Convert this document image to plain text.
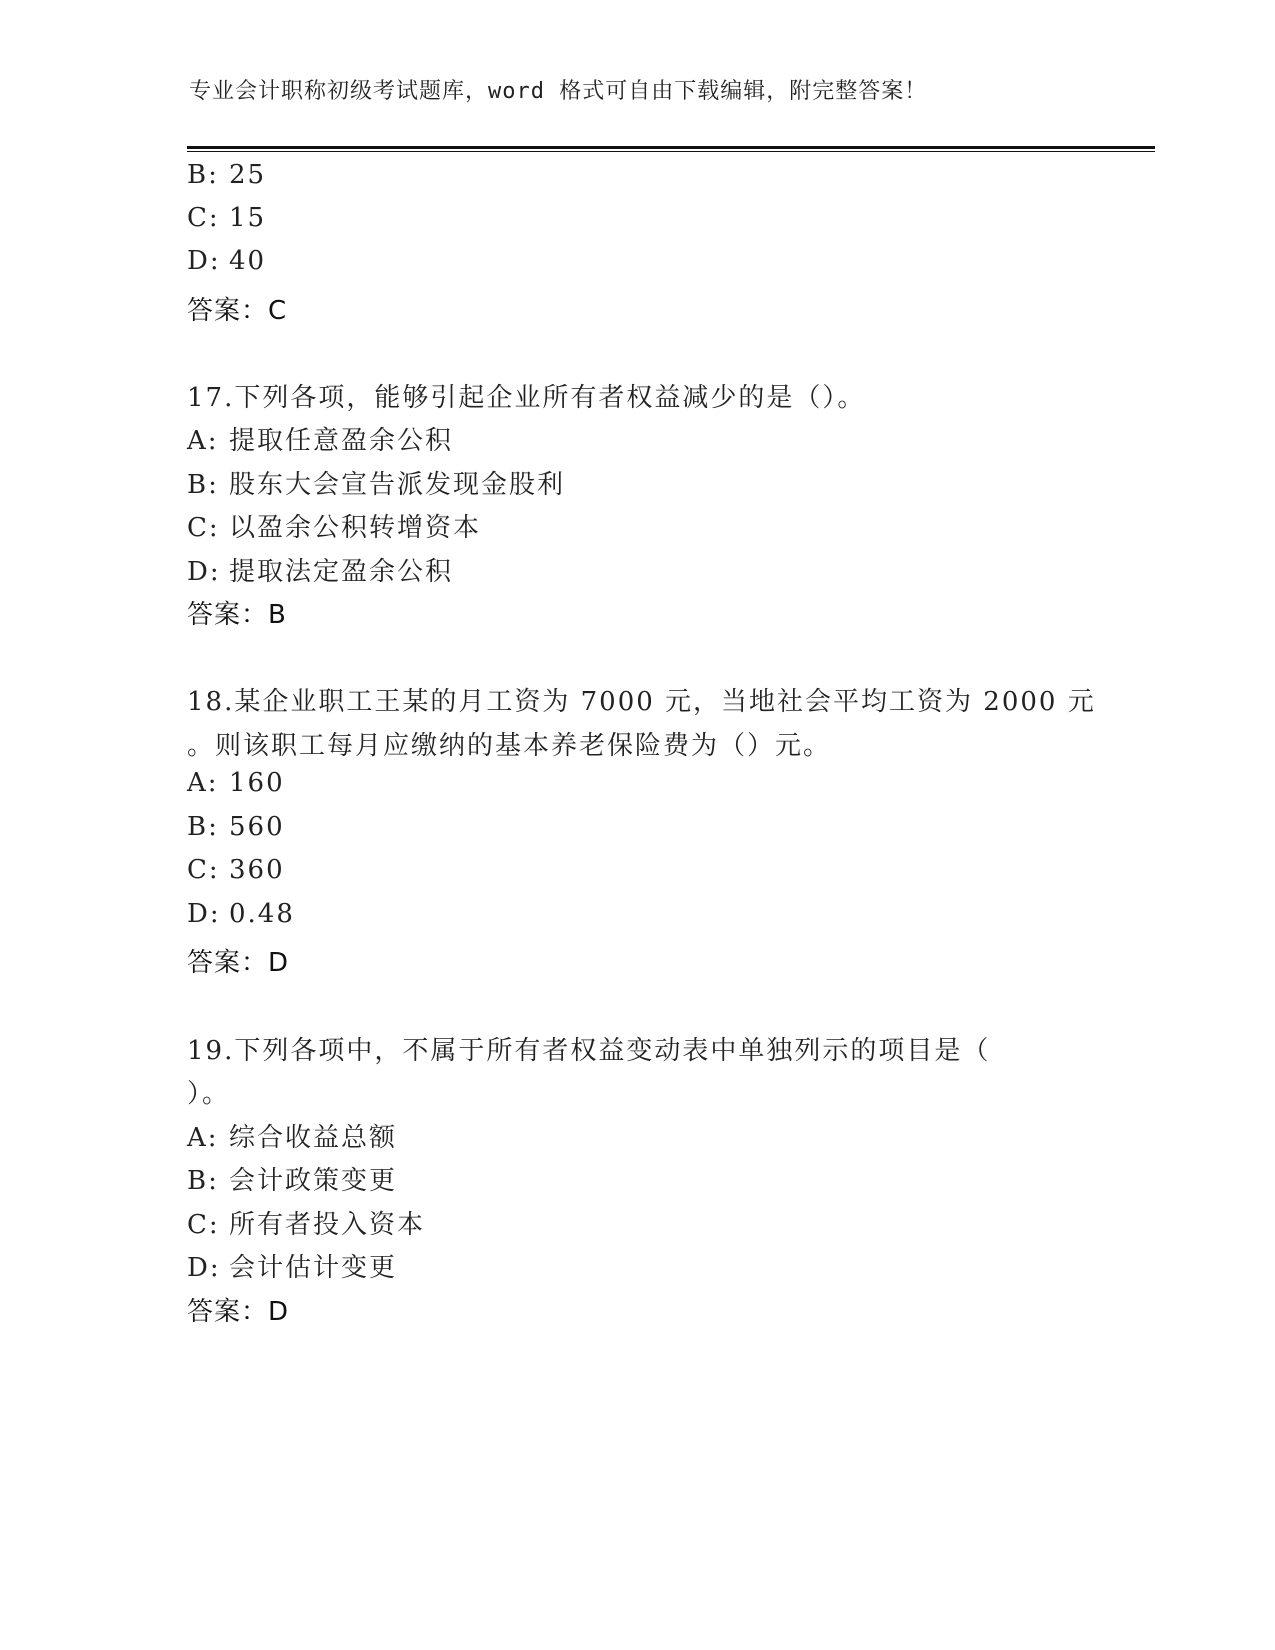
专业会计职称初级考试题库，word 格式可自由下载编辑，附完整答案！
B: 25
C: 15
D: 40
答案：C
17.下列各项，能够引起企业所有者权益减少的是（）。
A: 提取任意盈余公积
B: 股东大会宣告派发现金股利
C: 以盈余公积转增资本
D: 提取法定盈余公积
答案：B
18.某企业职工王某的月工资为 7000 元，当地社会平均工资为 2000 元
。则该职工每月应缴纳的基本养老保险费为（）元。
A: 160
B: 560
C: 360
D: 0.48
答案：D
19.下列各项中，不属于所有者权益变动表中单独列示的项目是（
）。
A: 综合收益总额
B: 会计政策变更
C: 所有者投入资本
D: 会计估计变更
答案：D
